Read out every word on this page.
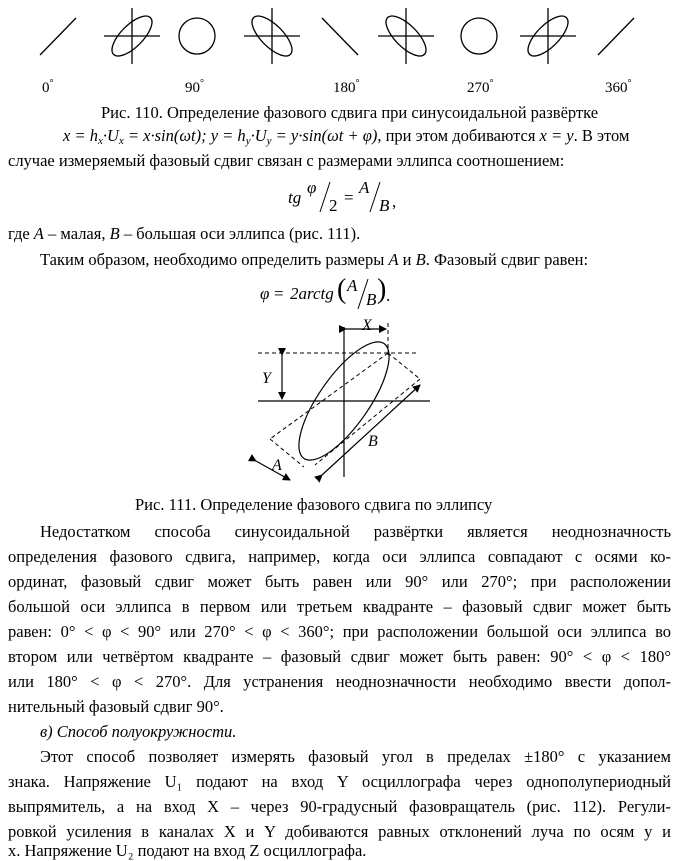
0°	90°	180°	270°	360°
Рис. 110. Определение фазового сдвига при синусоидальной развёртке
$x = h_x\cdot U_x = x\cdot\sin(\omega t)$; $y = h_y\cdot U_y = y\cdot\sin(\omega t + \varphi)$, при этом добиваются x = y. В этом
случае измеряемый фазовый сдвиг связан с размерами эллипса соотношением:
tg
φ
2 =
A
B ,
где A – малая, B – большая оси эллипса (рис. 111).
Таким образом, необходимо определить размеры A и B. Фазовый сдвиг равен:
φ = 2arctg ( A
B ) .
X
Y
B
A
Рис. 111. Определение фазового сдвига по эллипсу
Недостатком способа синусоидальной развёртки является неоднозначность
определения фазового сдвига, например, когда оси эллипса совпадают с осями ко-
ординат, фазовый сдвиг может быть равен или 90° или 270°; при расположении
большой оси эллипса в первом или третьем квадранте – фазовый сдвиг может быть
равен: 0° < φ < 90° или 270° < φ < 360°; при расположении большой оси эллипса во
втором или четвёртом квадранте – фазовый сдвиг может быть равен: 90° < φ < 180°
или 180° < φ < 270°. Для устранения неоднозначности необходимо ввести допол-
нительный фазовый сдвиг 90°.
в) Способ полуокружности.
Этот способ позволяет измерять фазовый угол в пределах ±180° с указанием
знака. Напряжение U₁ подают на вход Y осциллографа через однополупериодный
выпрямитель, а на вход X – через 90-градусный фазовращатель (рис. 112). Регули-
ровкой усиления в каналах X и Y добиваются равных отклонений луча по осям y и
x. Напряжение U₂ подают на вход Z осциллографа.
